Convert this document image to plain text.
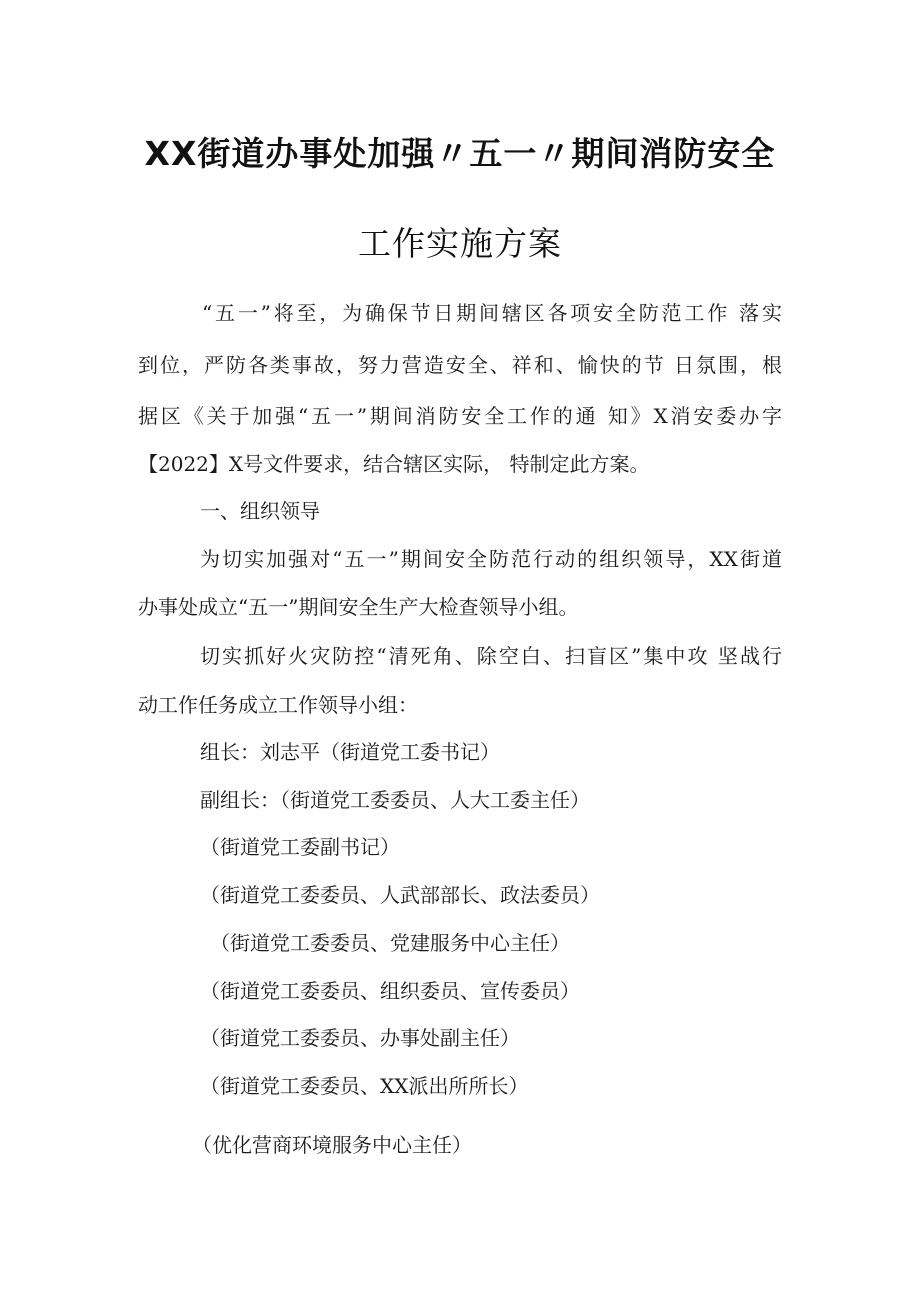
XX街道办事处加强〃五一〃期间消防安全
工作实施方案
“五一”将至，为确保节日期间辖区各项安全防范工作 落实
到位，严防各类事故，努力营造安全、祥和、愉快的节 日氛围，根
据区《关于加强“五一”期间消防安全工作的通 知》X消安委办字
【2022】X号文件要求，结合辖区实际， 特制定此方案。
一、组织领导
为切实加强对“五一”期间安全防范行动的组织领导，XX街道
办事处成立“五一”期间安全生产大检查领导小组。
切实抓好火灾防控“清死角、除空白、扫盲区”集中攻 坚战行
动工作任务成立工作领导小组：
组长：刘志平（街道党工委书记）
副组长：（街道党工委委员、人大工委主任）
（街道党工委副书记）
（街道党工委委员、人武部部长、政法委员）
（街道党工委委员、党建服务中心主任）
（街道党工委委员、组织委员、宣传委员）
（街道党工委委员、办事处副主任）
（街道党工委委员、XX派出所所长）
（优化营商环境服务中心主任）
